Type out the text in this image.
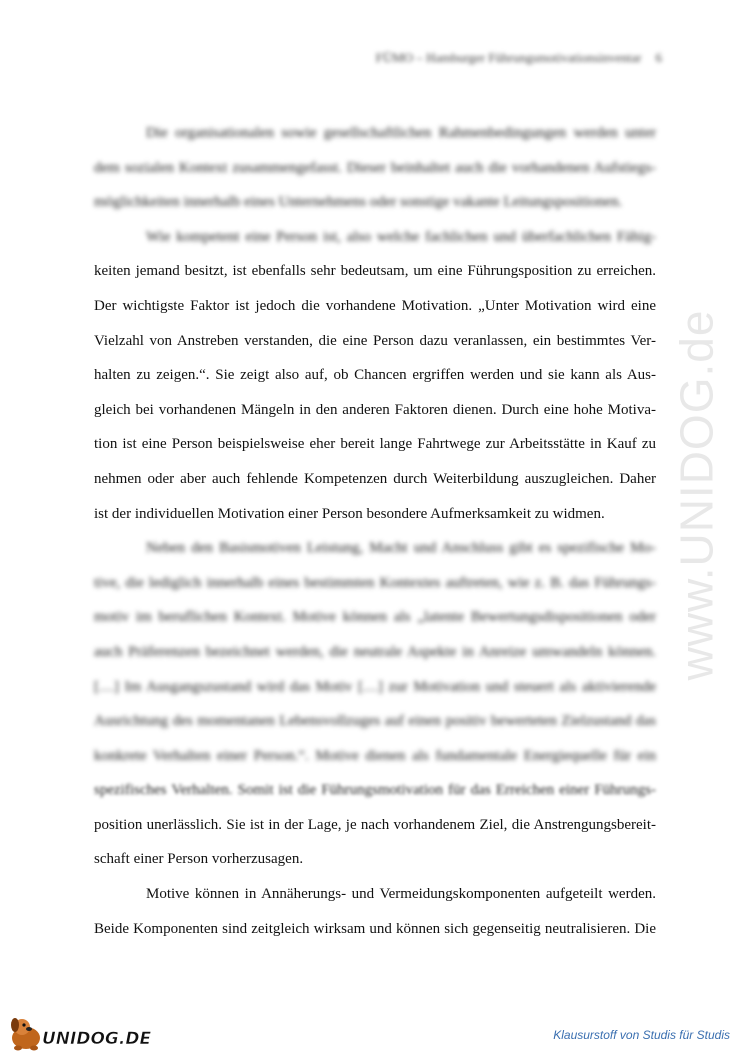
FÜMO – Hamburger Führungsmotivationsinventar 6
Die organisationalen sowie gesellschaftlichen Rahmenbedingungen werden unter
dem sozialen Kontext zusammengefasst. Dieser beinhaltet auch die vorhandenen Aufstiegs-
möglichkeiten innerhalb eines Unternehmens oder sonstige vakante Leitungspositionen.
Wie kompetent eine Person ist, also welche fachlichen und überfachlichen Fähig-
keiten jemand besitzt, ist ebenfalls sehr bedeutsam, um eine Führungsposition zu erreichen.
Der wichtigste Faktor ist jedoch die vorhandene Motivation. „Unter Motivation wird eine
Vielzahl von Anstreben verstanden, die eine Person dazu veranlassen, ein bestimmtes Ver-
halten zu zeigen.“. Sie zeigt also auf, ob Chancen ergriffen werden und sie kann als Aus-
gleich bei vorhandenen Mängeln in den anderen Faktoren dienen. Durch eine hohe Motiva-
tion ist eine Person beispielsweise eher bereit lange Fahrtwege zur Arbeitsstätte in Kauf zu
nehmen oder aber auch fehlende Kompetenzen durch Weiterbildung auszugleichen. Daher
ist der individuellen Motivation einer Person besondere Aufmerksamkeit zu widmen.
Neben den Basismotiven Leistung, Macht und Anschluss gibt es spezifische Mo-
tive, die lediglich innerhalb eines bestimmten Kontextes auftreten, wie z. B. das Führungs-
motiv im beruflichen Kontext. Motive können als „latente Bewertungsdispositionen oder
auch Präferenzen bezeichnet werden, die neutrale Aspekte in Anreize umwandeln können.
[…] Im Ausgangszustand wird das Motiv […] zur Motivation und steuert als aktivierende
Ausrichtung des momentanen Lebensvollzuges auf einen positiv bewerteten Zielzustand das
konkrete Verhalten einer Person.“. Motive dienen als fundamentale Energiequelle für ein
spezifisches Verhalten. Somit ist die Führungsmotivation für das Erreichen einer Führungs-
position unerlässlich. Sie ist in der Lage, je nach vorhandenem Ziel, die Anstrengungsbereit-
schaft einer Person vorherzusagen.
Motive können in Annäherungs- und Vermeidungskomponenten aufgeteilt werden.
Beide Komponenten sind zeitgleich wirksam und können sich gegenseitig neutralisieren. Die
www.UNIDOG.de
UNIDOG.DE	Klausurstoff von Studis für Studis
